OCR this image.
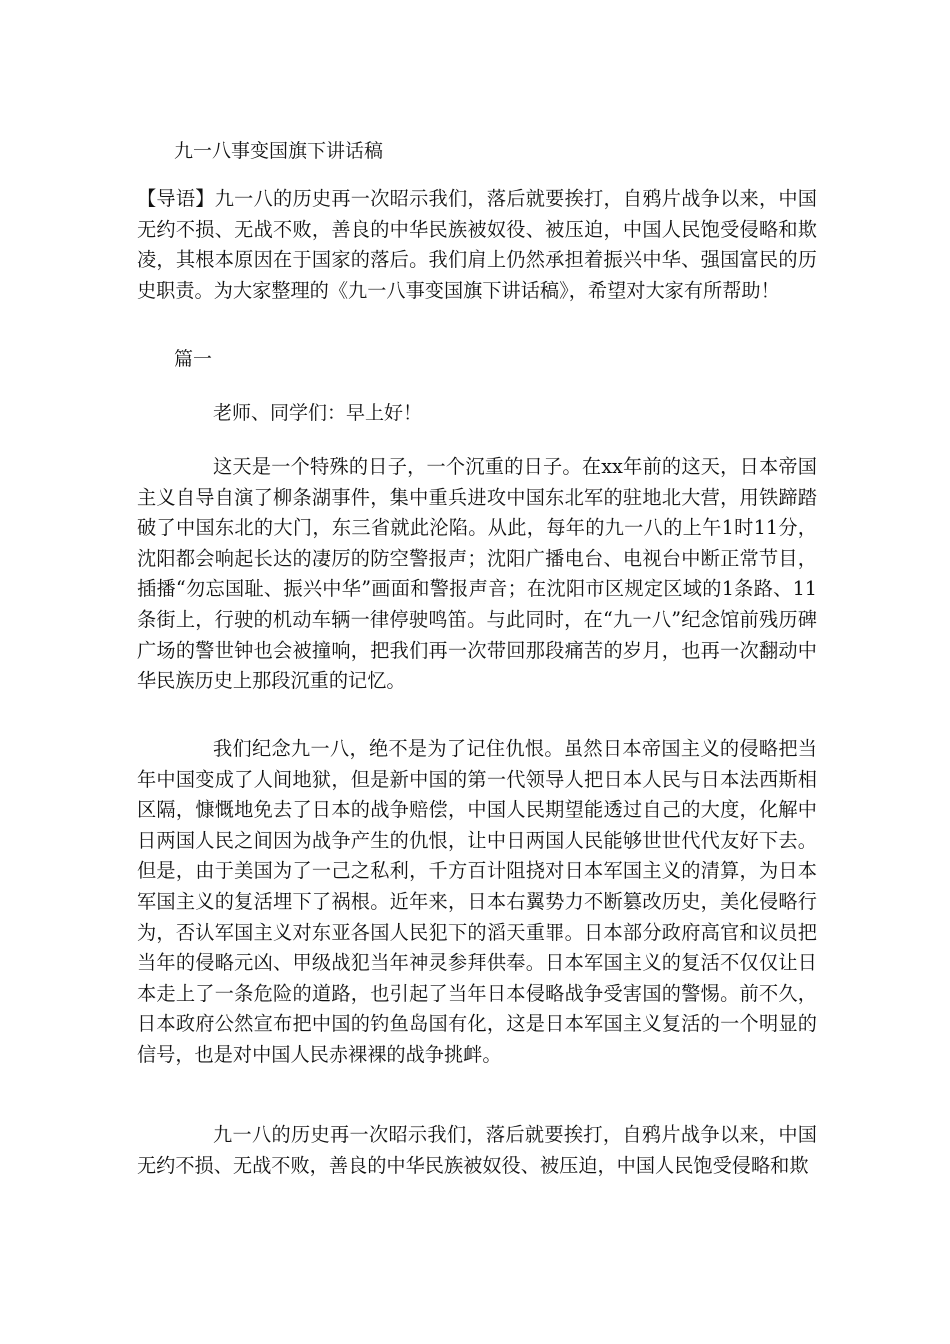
九一八事变国旗下讲话稿
【导语】九一八的历史再一次昭示我们，落后就要挨打，自鸦片战争以来，中国无约不损、无战不败，善良的中华民族被奴役、被压迫，中国人民饱受侵略和欺凌，其根本原因在于国家的落后。我们肩上仍然承担着振兴中华、强国富民的历史职责。为大家整理的《九一八事变国旗下讲话稿》，希望对大家有所帮助！
篇一
老师、同学们：早上好！
这天是一个特殊的日子，一个沉重的日子。在xx年前的这天，日本帝国主义自导自演了柳条湖事件，集中重兵进攻中国东北军的驻地北大营，用铁蹄踏破了中国东北的大门，东三省就此沦陷。从此，每年的九一八的上午1时11分，沈阳都会响起长达的凄厉的防空警报声；沈阳广播电台、电视台中断正常节目，插播“勿忘国耻、振兴中华”画面和警报声音；在沈阳市区规定区域的1条路、11条街上，行驶的机动车辆一律停驶鸣笛。与此同时，在“九一八”纪念馆前残历碑广场的警世钟也会被撞响，把我们再一次带回那段痛苦的岁月，也再一次翻动中华民族历史上那段沉重的记忆。
我们纪念九一八，绝不是为了记住仇恨。虽然日本帝国主义的侵略把当年中国变成了人间地狱，但是新中国的第一代领导人把日本人民与日本法西斯相区隔，慷慨地免去了日本的战争赔偿，中国人民期望能透过自己的大度，化解中日两国人民之间因为战争产生的仇恨，让中日两国人民能够世世代代友好下去。但是，由于美国为了一己之私利，千方百计阻挠对日本军国主义的清算，为日本军国主义的复活埋下了祸根。近年来，日本右翼势力不断篡改历史，美化侵略行为，否认军国主义对东亚各国人民犯下的滔天重罪。日本部分政府高官和议员把当年的侵略元凶、甲级战犯当年神灵参拜供奉。日本军国主义的复活不仅仅让日本走上了一条危险的道路，也引起了当年日本侵略战争受害国的警惕。前不久，日本政府公然宣布把中国的钓鱼岛国有化，这是日本军国主义复活的一个明显的信号，也是对中国人民赤裸裸的战争挑衅。
九一八的历史再一次昭示我们，落后就要挨打，自鸦片战争以来，中国无约不损、无战不败，善良的中华民族被奴役、被压迫，中国人民饱受侵略和欺
